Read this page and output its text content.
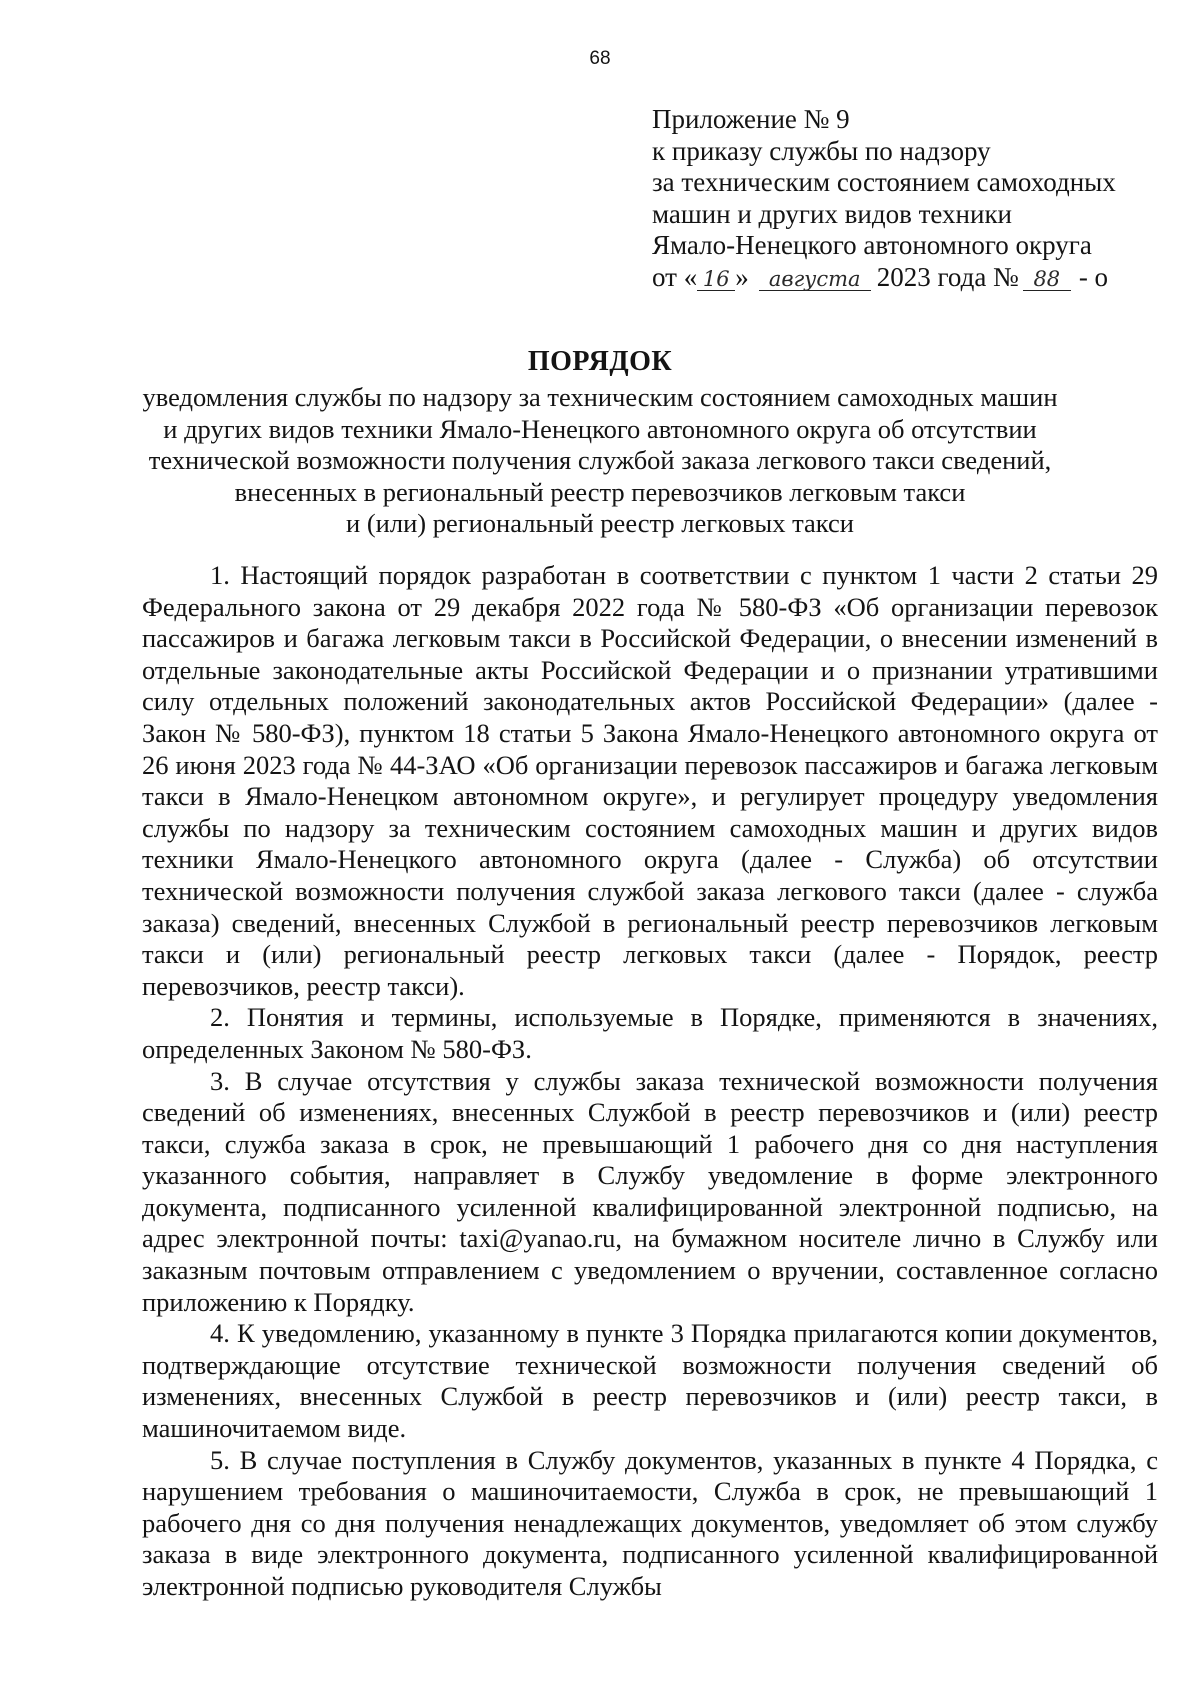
68
Приложение № 9
к приказу службы по надзору
за техническим состоянием самоходных
машин и других видов техники
Ямало-Ненецкого автономного округа
от « 16 » августа 2023 года № 88 - о
ПОРЯДОК
уведомления службы по надзору за техническим состоянием самоходных машин
и других видов техники Ямало-Ненецкого автономного округа об отсутствии
технической возможности получения службой заказа легкового такси сведений,
внесенных в региональный реестр перевозчиков легковым такси
и (или) региональный реестр легковых такси

1. Настоящий порядок разработан в соответствии с пунктом 1 части 2 статьи 29 Федерального закона от 29 декабря 2022 года № 580-ФЗ «Об организации перевозок пассажиров и багажа легковым такси в Российской Федерации, о внесении изменений в отдельные законодательные акты Российской Федерации и о признании утратившими силу отдельных положений законодательных актов Российской Федерации» (далее - Закон № 580-ФЗ), пунктом 18 статьи 5 Закона Ямало-Ненецкого автономного округа от 26 июня 2023 года № 44-ЗАО «Об организации перевозок пассажиров и багажа легковым такси в Ямало-Ненецком автономном округе», и регулирует процедуру уведомления службы по надзору за техническим состоянием самоходных машин и других видов техники Ямало-Ненецкого автономного округа (далее - Служба) об отсутствии технической возможности получения службой заказа легкового такси (далее - служба заказа) сведений, внесенных Службой в региональный реестр перевозчиков легковым такси и (или) региональный реестр легковых такси (далее - Порядок, реестр перевозчиков, реестр такси).

2. Понятия и термины, используемые в Порядке, применяются в значениях, определенных Законом № 580-ФЗ.

3. В случае отсутствия у службы заказа технической возможности получения сведений об изменениях, внесенных Службой в реестр перевозчиков и (или) реестр такси, служба заказа в срок, не превышающий 1 рабочего дня со дня наступления указанного события, направляет в Службу уведомление в форме электронного документа, подписанного усиленной квалифицированной электронной подписью, на адрес электронной почты: taxi@yanao.ru, на бумажном носителе лично в Службу или заказным почтовым отправлением с уведомлением о вручении, составленное согласно приложению к Порядку.

4. К уведомлению, указанному в пункте 3 Порядка прилагаются копии документов, подтверждающие отсутствие технической возможности получения сведений об изменениях, внесенных Службой в реестр перевозчиков и (или) реестр такси, в машиночитаемом виде.

5. В случае поступления в Службу документов, указанных в пункте 4 Порядка, с нарушением требования о машиночитаемости, Служба в срок, не превышающий 1 рабочего дня со дня получения ненадлежащих документов, уведомляет об этом службу заказа в виде электронного документа, подписанного усиленной квалифицированной электронной подписью руководителя Службы
